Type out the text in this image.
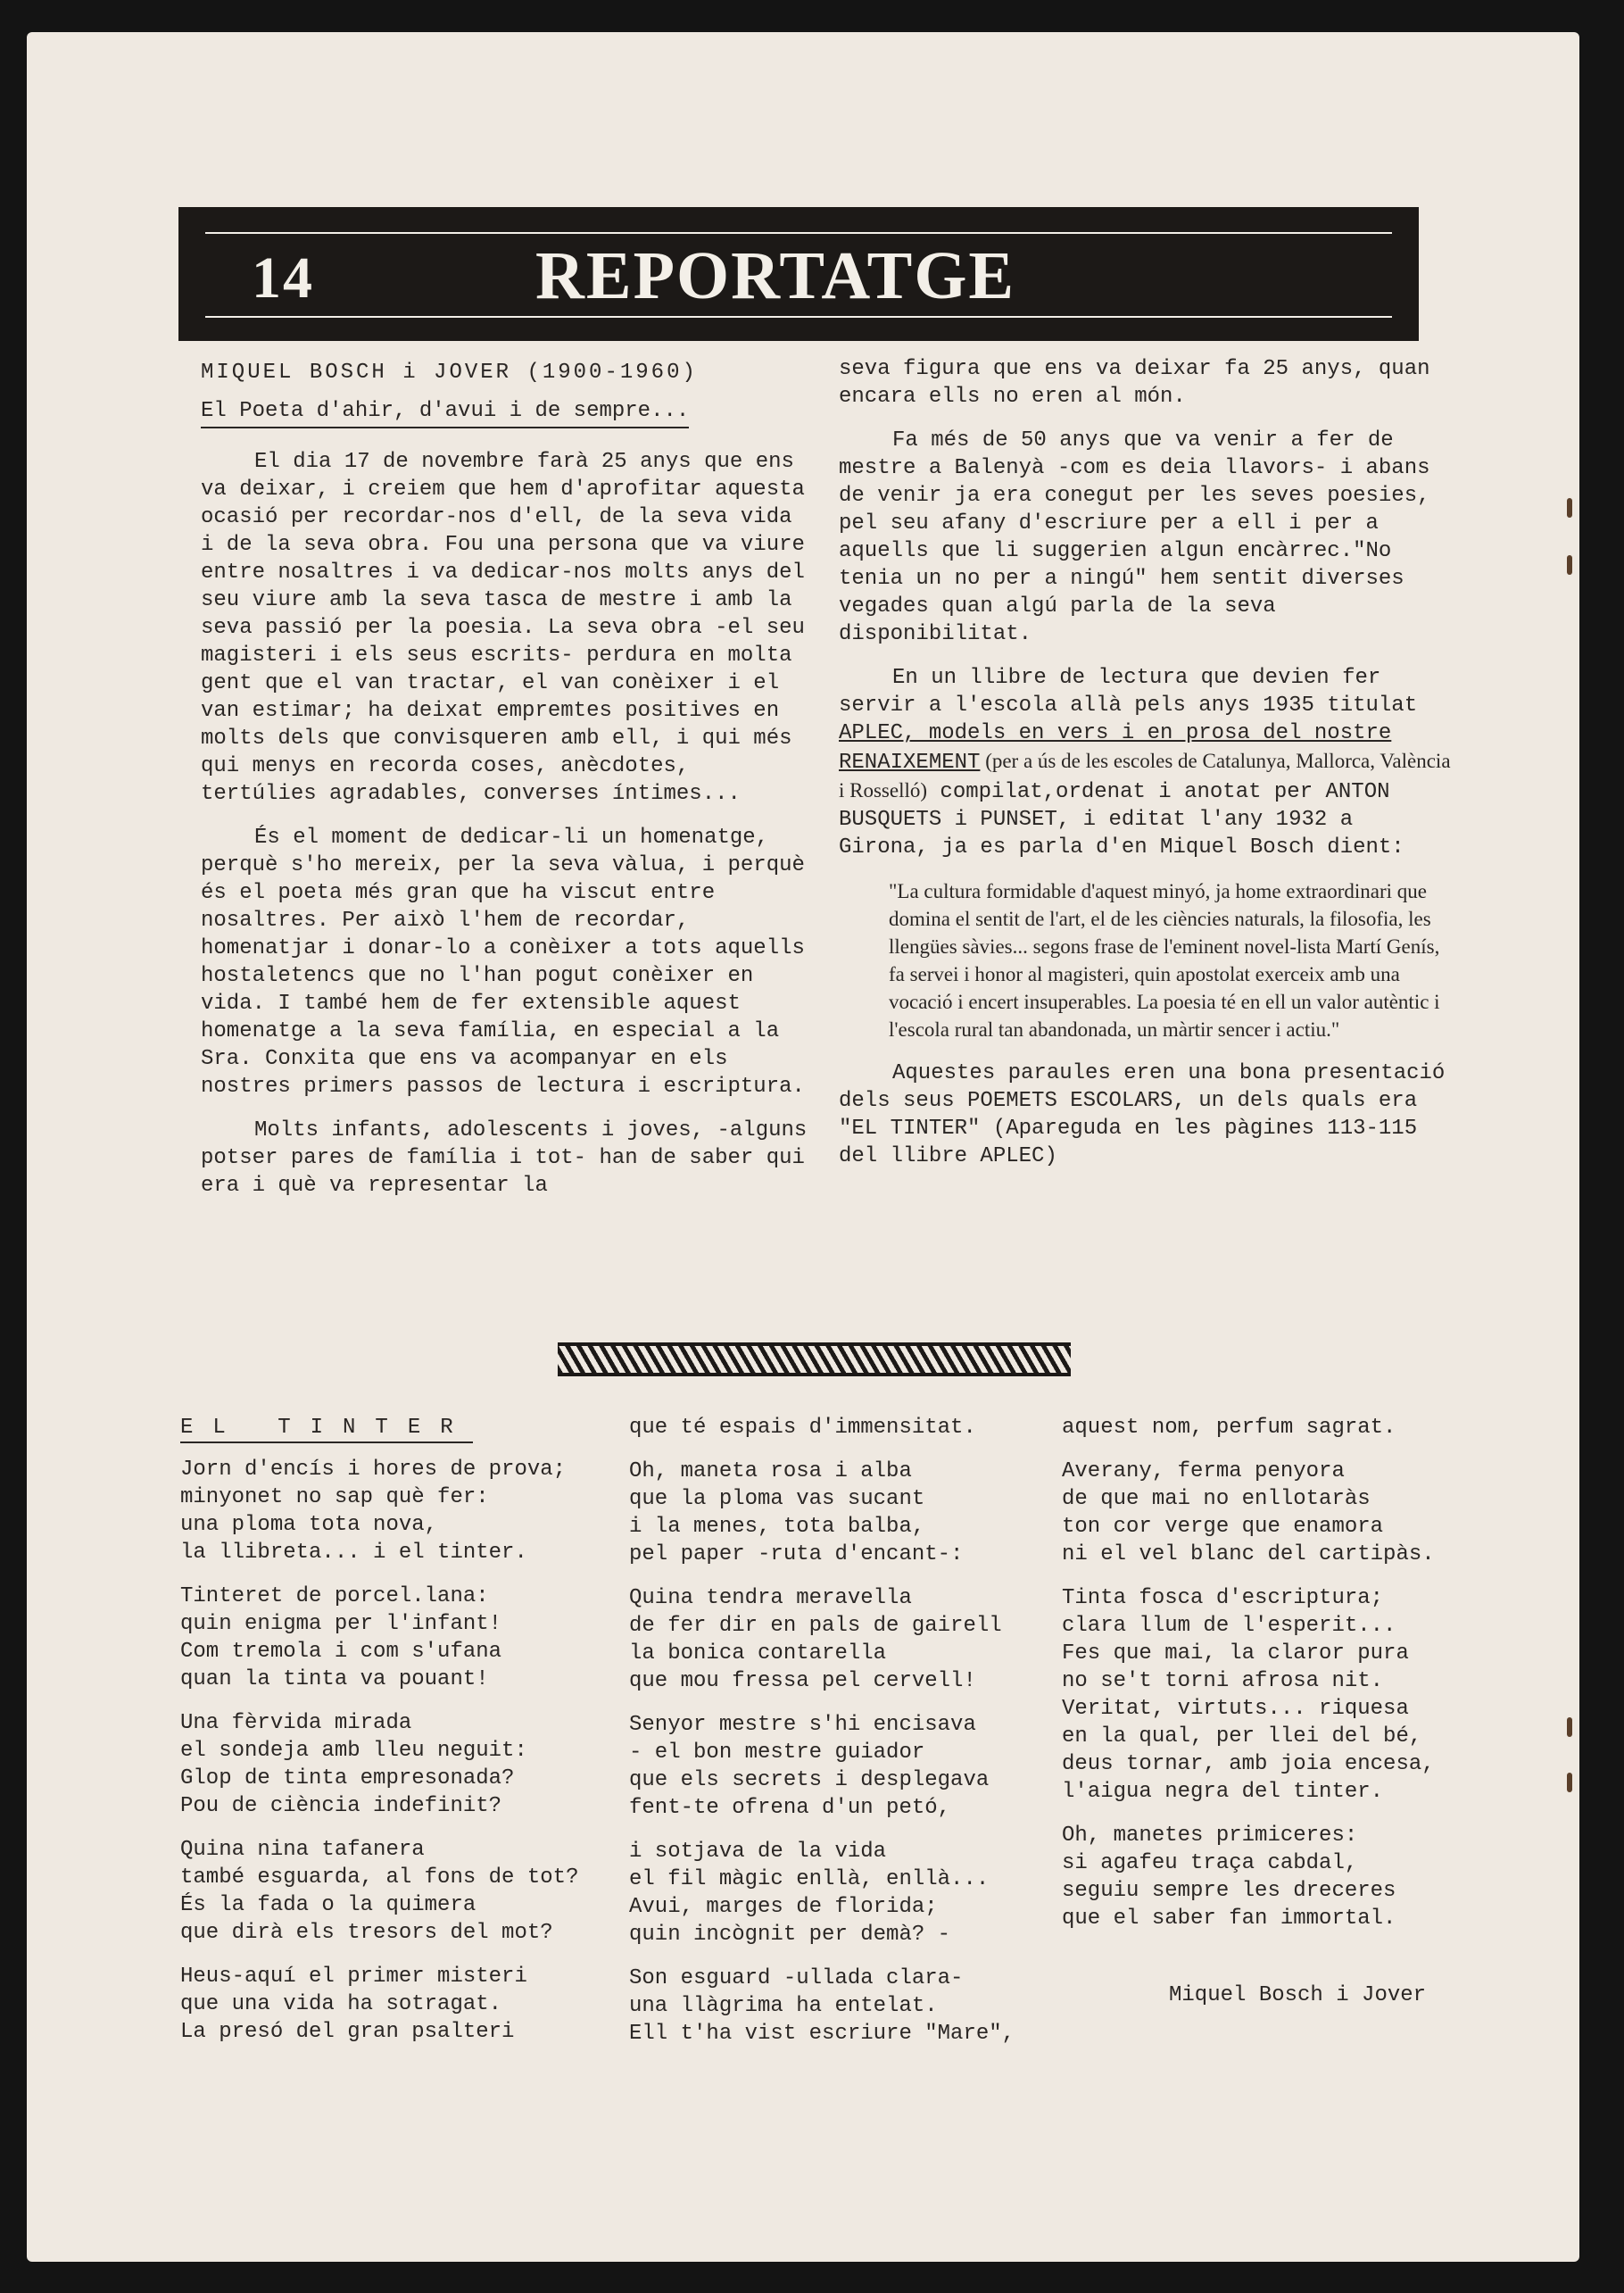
14	REPORTATGE

MIQUEL BOSCH i JOVER (1900-1960)

El Poeta d'ahir, d'avui i de sempre...

El dia 17 de novembre farà 25 anys que ens va deixar, i creiem que hem d'aprofitar aquesta ocasió per recordar-nos d'ell, de la seva vida i de la seva obra. Fou una persona que va viure entre nosaltres i va dedicar-nos molts anys del seu viure amb la seva tasca de mestre i amb la seva passió per la poesia. La seva obra -el seu magisteri i els seus escrits- perdura en molta gent que el van tractar, el van conèixer i el van estimar; ha deixat empremtes positives en molts dels que convisqueren amb ell, i qui més qui menys en recorda coses, anècdotes, tertúlies agradables, converses íntimes...

És el moment de dedicar-li un homenatge, perquè s'ho mereix, per la seva vàlua, i perquè és el poeta més gran que ha viscut entre nosaltres. Per això l'hem de recordar, homenatjar i donar-lo a conèixer a tots aquells hostaletencs que no l'han pogut conèixer en vida. I també hem de fer extensible aquest homenatge a la seva família, en especial a la Sra. Conxita que ens va acompanyar en els nostres primers passos de lectura i escriptura.

Molts infants, adolescents i joves, -alguns potser pares de família i tot- han de saber qui era i què va representar la

seva figura que ens va deixar fa 25 anys, quan encara ells no eren al món.

Fa més de 50 anys que va venir a fer de mestre a Balenyà -com es deia llavors- i abans de venir ja era conegut per les seves poesies, pel seu afany d'escriure per a ell i per a aquells que li suggerien algun encàrrec."No tenia un no per a ningú" hem sentit diverses vegades quan algú parla de la seva disponibilitat.

En un llibre de lectura que devien fer servir a l'escola allà pels anys 1935 titulat APLEC, models en vers i en prosa del nostre RENAIXEMENT (per a ús de les escoles de Catalunya, Mallorca, València i Rosselló) compilat,ordenat i anotat per ANTON BUSQUETS i PUNSET, i editat l'any 1932 a Girona, ja es parla d'en Miquel Bosch dient:

"La cultura formidable d'aquest minyó, ja home extraordinari que domina el sentit de l'art, el de les ciències naturals, la filosofia, les llengües sàvies... segons frase de l'eminent novel-lista Martí Genís, fa servei i honor al magisteri, quin apostolat exerceix amb una vocació i encert insuperables. La poesia té en ell un valor autèntic i l'escola rural tan abandonada, un màrtir sencer i actiu."

Aquestes paraules eren una bona presentació dels seus POEMETS ESCOLARS, un dels quals era "EL TINTER" (Apareguda en les pàgines 113-115 del llibre APLEC)

EL TINTER
Jorn d'encís i hores de prova;
minyonet no sap què fer:
una ploma tota nova,
la llibreta... i el tinter.
Tinteret de porcel.lana:
quin enigma per l'infant!
Com tremola i com s'ufana
quan la tinta va pouant!
Una fèrvida mirada
el sondeja amb lleu neguit:
Glop de tinta empresonada?
Pou de ciència indefinit?
Quina nina tafanera
també esguarda, al fons de tot?
És la fada o la quimera
que dirà els tresors del mot?
Heus-aquí el primer misteri
que una vida ha sotragat.
La presó del gran psalteri
que té espais d'immensitat.
Oh, maneta rosa i alba
que la ploma vas sucant
i la menes, tota balba,
pel paper -ruta d'encant-:
Quina tendra meravella
de fer dir en pals de gairell
la bonica contarella
que mou fressa pel cervell!
Senyor mestre s'hi encisava
- el bon mestre guiador
que els secrets i desplegava
fent-te ofrena d'un petó,
i sotjava de la vida
el fil màgic enllà, enllà...
Avui, marges de florida;
quin incògnit per demà? -
Son esguard -ullada clara-
una llàgrima ha entelat.
Ell t'ha vist escriure "Mare",
aquest nom, perfum sagrat.
Averany, ferma penyora
de que mai no enllotaràs
ton cor verge que enamora
ni el vel blanc del cartipàs.
Tinta fosca d'escriptura;
clara llum de l'esperit...
Fes que mai, la claror pura
no se't torni afrosa nit.
Veritat, virtuts... riquesa
en la qual, per llei del bé,
deus tornar, amb joia encesa,
l'aigua negra del tinter.
Oh, manetes primiceres:
si agafeu traça cabdal,
seguiu sempre les dreceres
que el saber fan immortal.
Miquel Bosch i Jover
